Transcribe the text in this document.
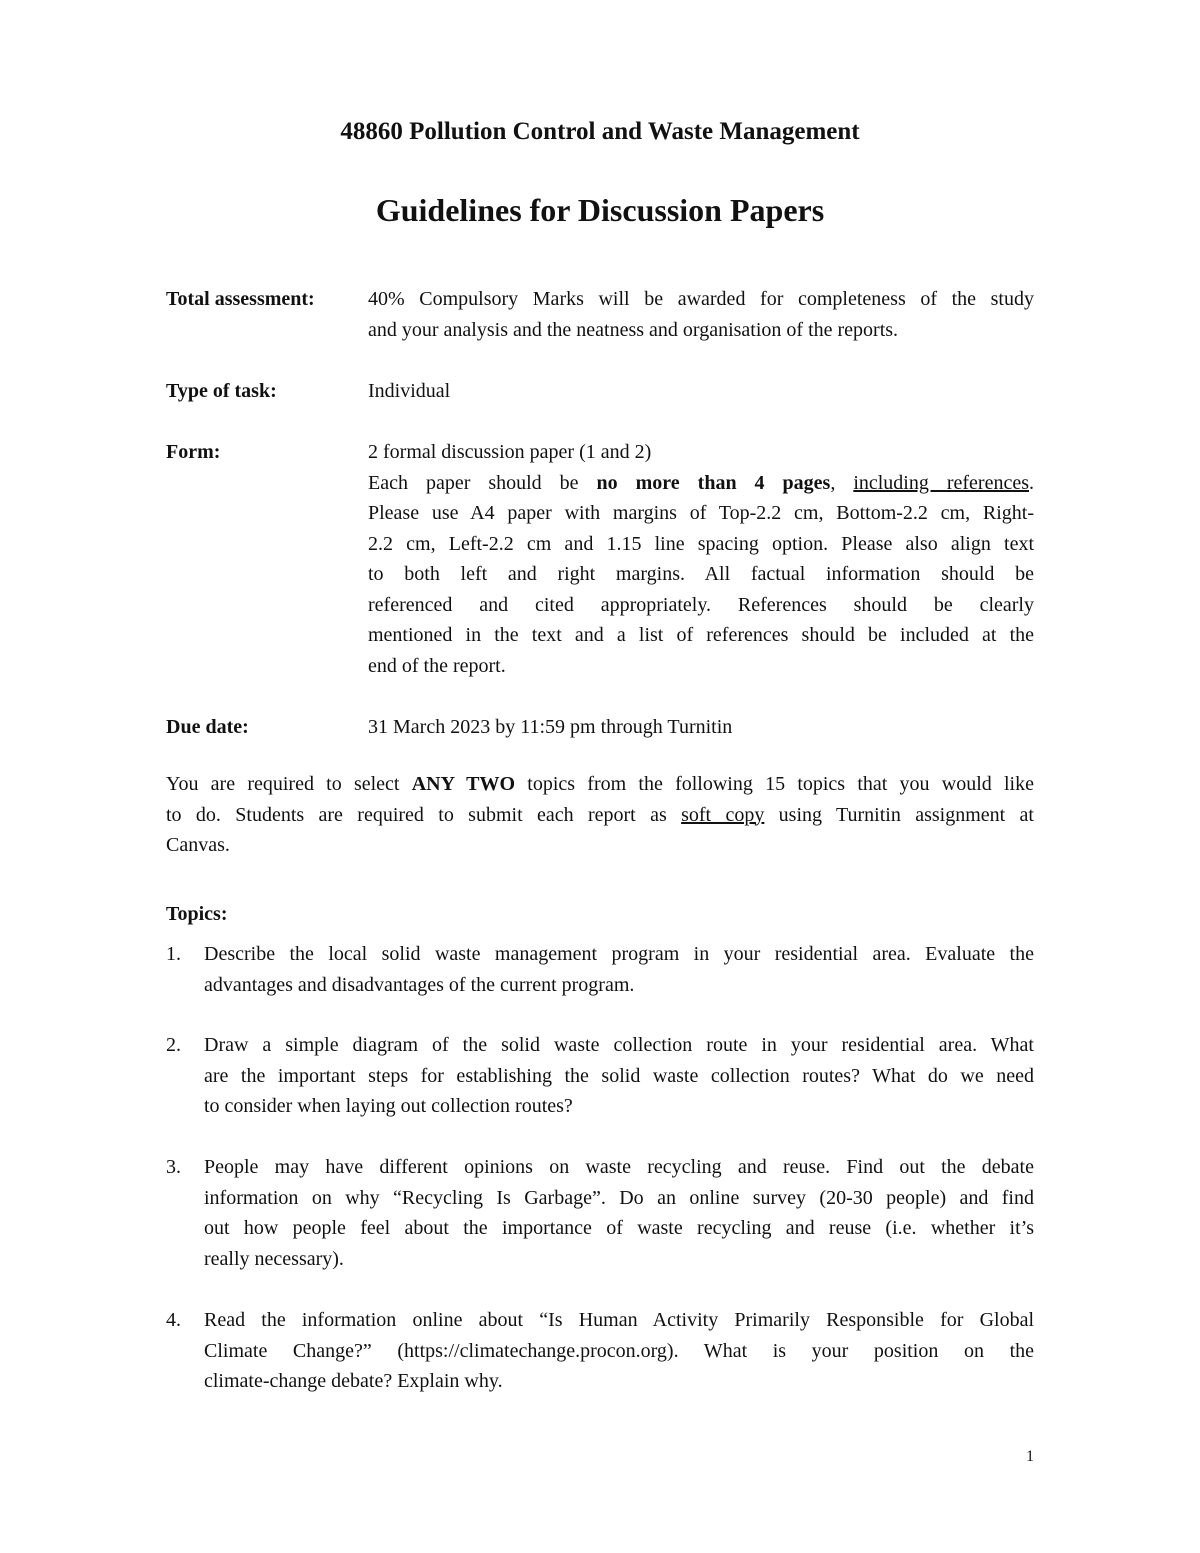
48860 Pollution Control and Waste Management
Guidelines for Discussion Papers
Total assessment:	40% Compulsory Marks will be awarded for completeness of the study
and your analysis and the neatness and organisation of the reports.
Type of task:	Individual
Form:	2 formal discussion paper (1 and 2)
Each paper should be no more than 4 pages, including references.
Please use A4 paper with margins of Top-2.2 cm, Bottom-2.2 cm, Right-
2.2 cm, Left-2.2 cm and 1.15 line spacing option. Please also align text
to both left and right margins. All factual information should be
referenced and cited appropriately. References should be clearly
mentioned in the text and a list of references should be included at the
end of the report.
Due date:	31 March 2023 by 11:59 pm through Turnitin
You are required to select ANY TWO topics from the following 15 topics that you would like
to do. Students are required to submit each report as soft copy using Turnitin assignment at
Canvas.
Topics:
1.	Describe the local solid waste management program in your residential area. Evaluate the
advantages and disadvantages of the current program.
2.	Draw a simple diagram of the solid waste collection route in your residential area. What
are the important steps for establishing the solid waste collection routes? What do we need
to consider when laying out collection routes?
3.	People may have different opinions on waste recycling and reuse. Find out the debate
information on why “Recycling Is Garbage”. Do an online survey (20-30 people) and find
out how people feel about the importance of waste recycling and reuse (i.e. whether it’s
really necessary).
4.	Read the information online about “Is Human Activity Primarily Responsible for Global
Climate Change?” (https://climatechange.procon.org). What is your position on the
climate-change debate? Explain why.
1
